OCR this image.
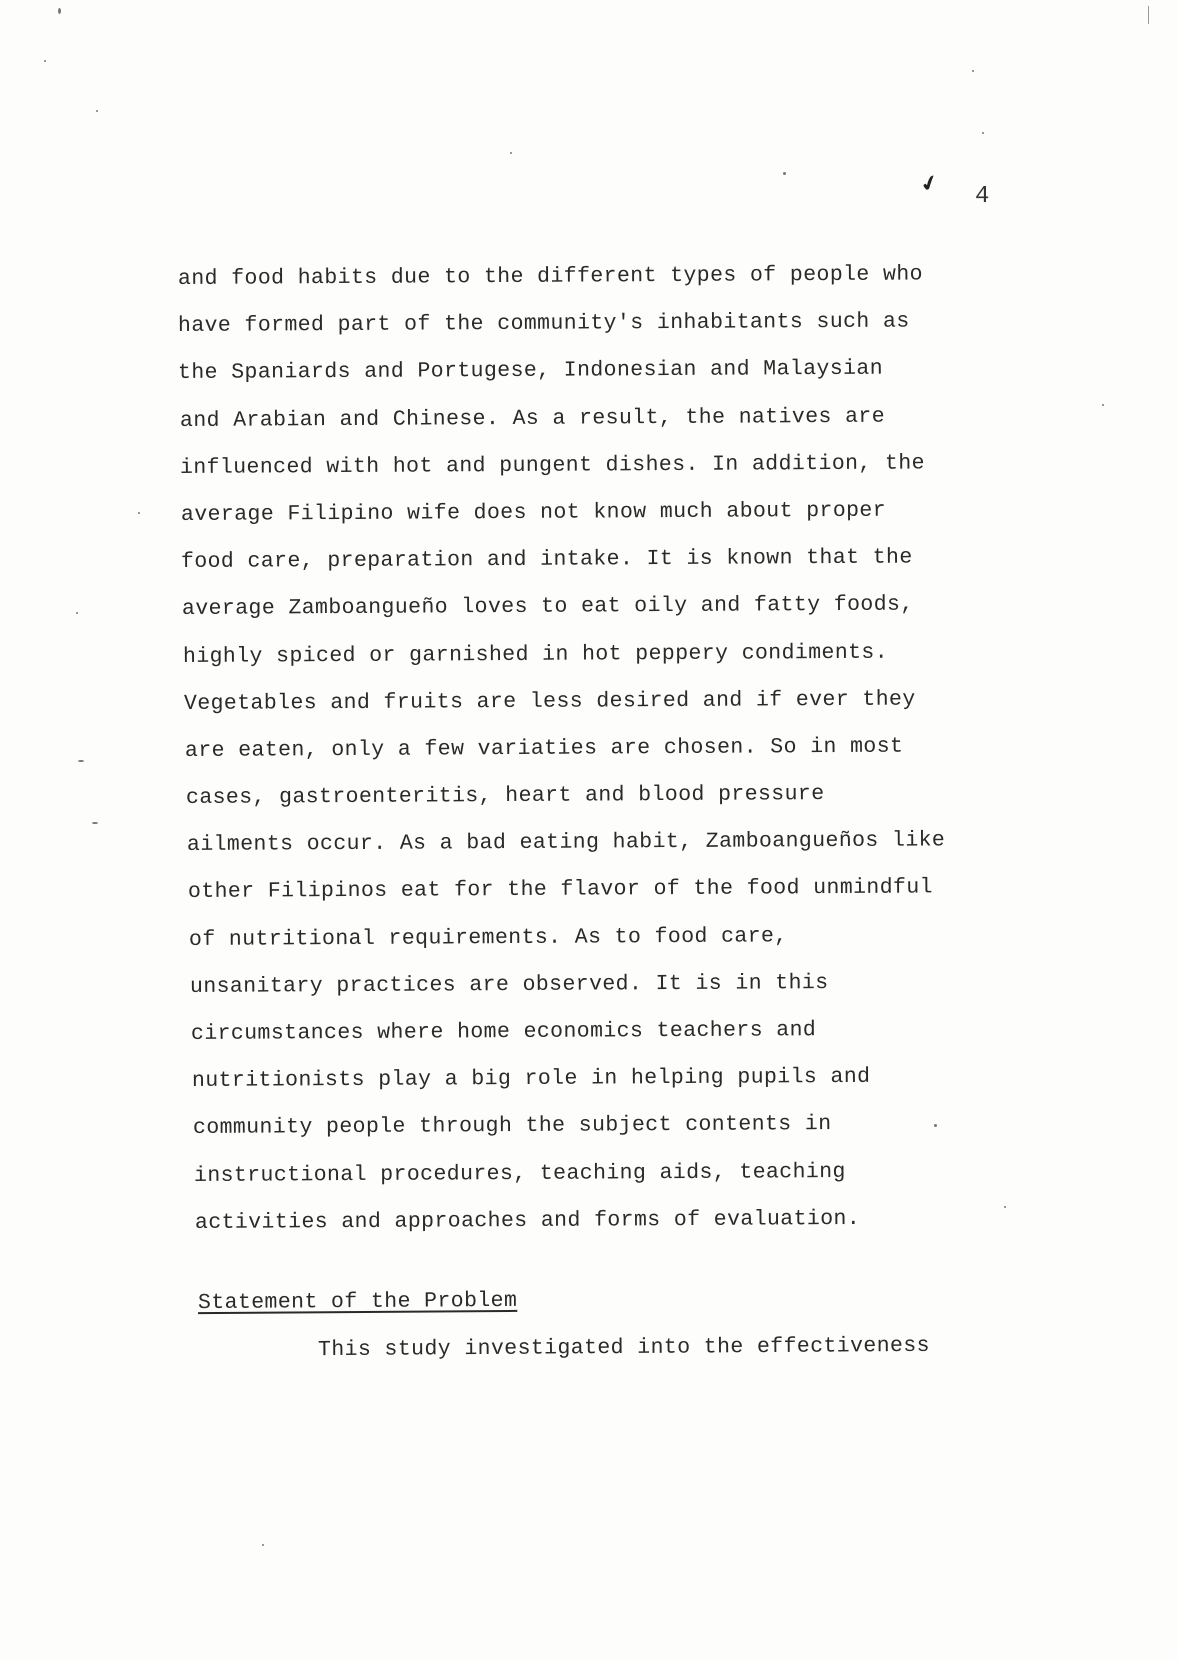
✔ 4
and food habits due to the different types of people who
have formed part of the community's inhabitants such as
the Spaniards and Portugese, Indonesian and Malaysian
and Arabian and Chinese. As a result, the natives are
influenced with hot and pungent dishes. In addition, the
average Filipino wife does not know much about proper
food care, preparation and intake. It is known that the
average Zamboangueño loves to eat oily and fatty foods,
highly spiced or garnished in hot peppery condiments.
Vegetables and fruits are less desired and if ever they
are eaten, only a few variaties are chosen. So in most
cases, gastroenteritis, heart and blood pressure
ailments occur. As a bad eating habit, Zamboangueños like
other Filipinos eat for the flavor of the food unmindful
of nutritional requirements. As to food care,
unsanitary practices are observed. It is in this
circumstances where home economics teachers and
nutritionists play a big role in helping pupils and
community people through the subject contents in
instructional procedures, teaching aids, teaching
activities and approaches and forms of evaluation.
Statement of the Problem
This study investigated into the effectiveness
